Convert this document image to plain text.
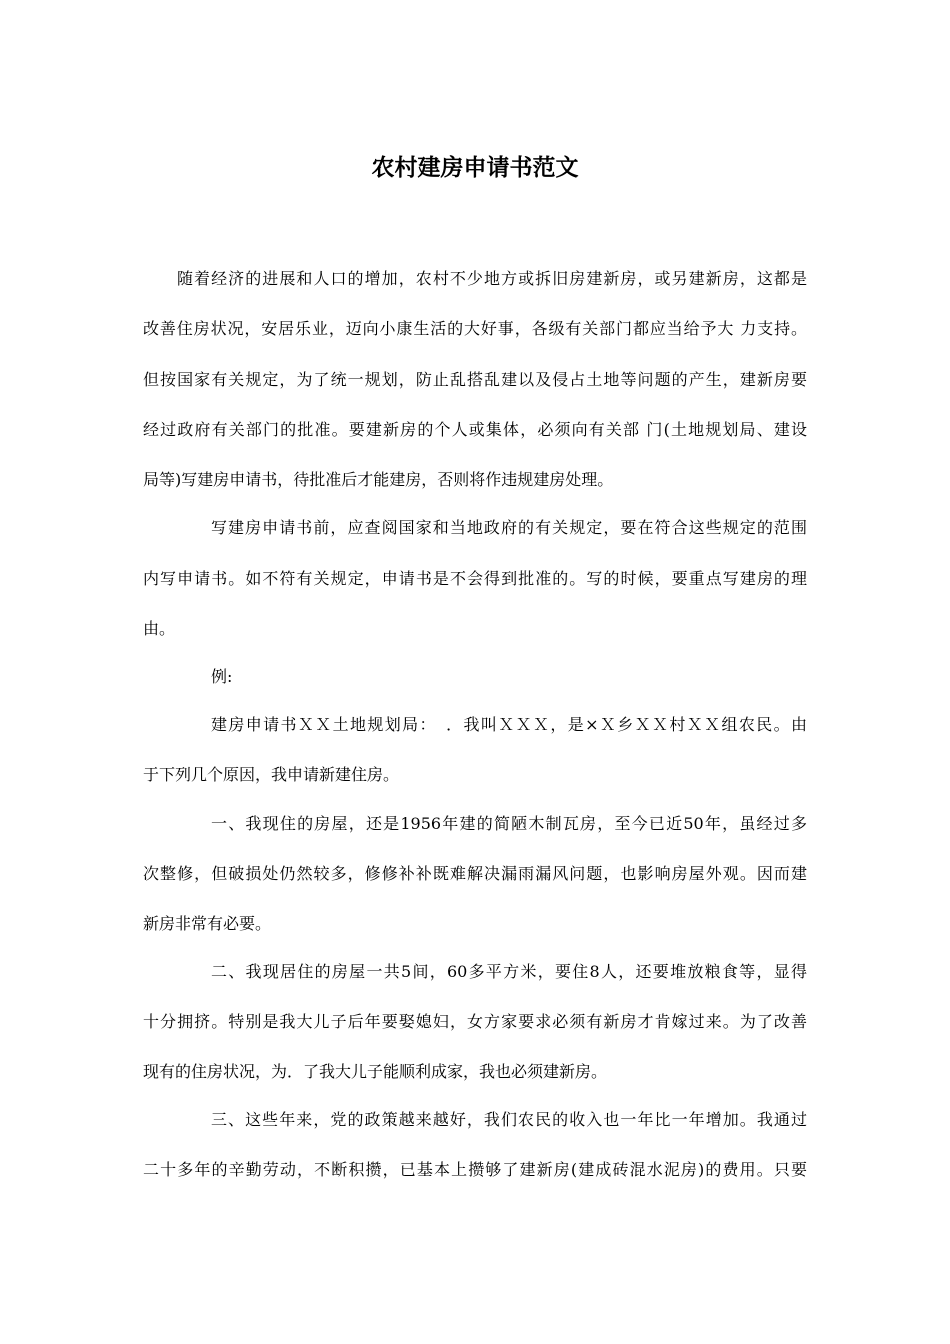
农村建房申请书范文
随着经济的进展和人口的增加，农村不少地方或拆旧房建新房，或另建新房，这都是
改善住房状况，安居乐业，迈向小康生活的大好事，各级有关部门都应当给予大 力支持。
但按国家有关规定，为了统一规划，防止乱搭乱建以及侵占土地等问题的产生，建新房要
经过政府有关部门的批准。要建新房的个人或集体，必须向有关部 门(土地规划局、建设
局等)写建房申请书，待批准后才能建房，否则将作违规建房处理。
写建房申请书前，应查阅国家和当地政府的有关规定，要在符合这些规定的范围
内写申请书。如不符有关规定，申请书是不会得到批准的。写的时候，要重点写建房的理
由。
例:
建房申请书ＸＸ土地规划局：　．我叫ＸＸＸ，是×Ｘ乡ＸＸ村ＸＸ组农民。由
于下列几个原因，我申请新建住房。
一、我现住的房屋，还是1956年建的简陋木制瓦房，至今已近50年，虽经过多
次整修，但破损处仍然较多，修修补补既难解决漏雨漏风问题，也影响房屋外观。因而建
新房非常有必要。
二、我现居住的房屋一共5间，60多平方米，要住8人，还要堆放粮食等，显得
十分拥挤。特别是我大儿子后年要娶媳妇，女方家要求必须有新房才肯嫁过来。为了改善
现有的住房状况，为．了我大儿子能顺利成家，我也必须建新房。
三、这些年来，党的政策越来越好，我们农民的收入也一年比一年增加。我通过
二十多年的辛勤劳动，不断积攒，已基本上攒够了建新房(建成砖混水泥房)的费用。只要
